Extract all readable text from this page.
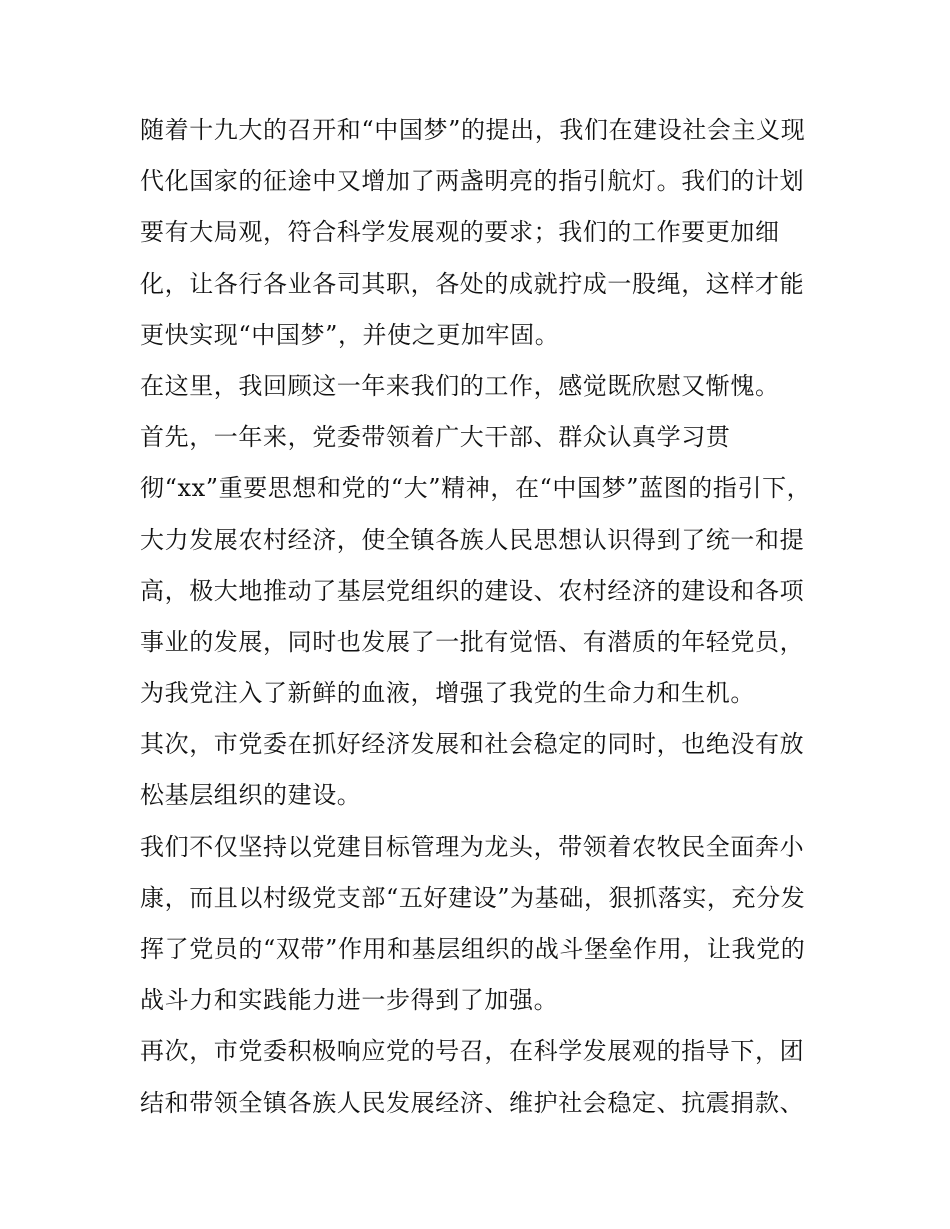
随着十九大的召开和“中国梦”的提出，我们在建设社会主义现
代化国家的征途中又增加了两盏明亮的指引航灯。我们的计划
要有大局观，符合科学发展观的要求；我们的工作要更加细
化，让各行各业各司其职，各处的成就拧成一股绳，这样才能
更快实现“中国梦”，并使之更加牢固。
在这里，我回顾这一年来我们的工作，感觉既欣慰又惭愧。
首先，一年来，党委带领着广大干部、群众认真学习贯
彻“xx”重要思想和党的“大”精神，在“中国梦”蓝图的指引下，
大力发展农村经济，使全镇各族人民思想认识得到了统一和提
高，极大地推动了基层党组织的建设、农村经济的建设和各项
事业的发展，同时也发展了一批有觉悟、有潜质的年轻党员，
为我党注入了新鲜的血液，增强了我党的生命力和生机。
其次，市党委在抓好经济发展和社会稳定的同时，也绝没有放
松基层组织的建设。
我们不仅坚持以党建目标管理为龙头，带领着农牧民全面奔小
康，而且以村级党支部“五好建设”为基础，狠抓落实，充分发
挥了党员的“双带”作用和基层组织的战斗堡垒作用，让我党的
战斗力和实践能力进一步得到了加强。
再次，市党委积极响应党的号召，在科学发展观的指导下，团
结和带领全镇各族人民发展经济、维护社会稳定、抗震捐款、
